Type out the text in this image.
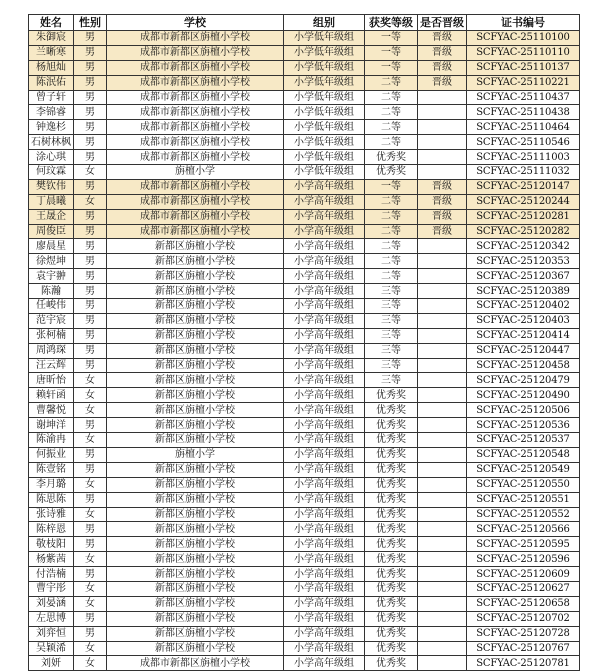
姓名	性别	学校	组别	获奖等级	是否晋级	证书编号
朱御宸	男	成都市新都区旃檀小学校	小学低年级组	一等	晋级	SCFYAC-25110100
兰晰寒	男	成都市新都区旃檀小学校	小学低年级组	一等	晋级	SCFYAC-25110110
杨旭灿	男	成都市新都区旃檀小学校	小学低年级组	一等	晋级	SCFYAC-25110137
陈泯佑	男	成都市新都区旃檀小学校	小学低年级组	二等	晋级	SCFYAC-25110221
曾子轩	男	成都市新都区旃檀小学校	小学低年级组	二等		SCFYAC-25110437
李锦睿	男	成都市新都区旃檀小学校	小学低年级组	二等		SCFYAC-25110438
钟逸杉	男	成都市新都区旃檀小学校	小学低年级组	二等		SCFYAC-25110464
石树林枫	男	成都市新都区旃檀小学校	小学低年级组	二等		SCFYAC-25110546
涂心琪	男	成都市新都区旃檀小学校	小学低年级组	优秀奖		SCFYAC-25111003
何玟霖	女	旃檀小学	小学低年级组	优秀奖		SCFYAC-25111032
樊钦伟	男	成都市新都区旃檀小学校	小学高年级组	一等	晋级	SCFYAC-25120147
丁晨曦	女	成都市新都区旃檀小学校	小学高年级组	二等	晋级	SCFYAC-25120244
王晟企	男	成都市新都区旃檀小学校	小学高年级组	二等	晋级	SCFYAC-25120281
周俊臣	男	成都市新都区旃檀小学校	小学高年级组	二等	晋级	SCFYAC-25120282
廖晨星	男	新都区旃檀小学校	小学高年级组	二等		SCFYAC-25120342
徐煜坤	男	新都区旃檀小学校	小学高年级组	二等		SCFYAC-25120353
袁宇翀	男	新都区旃檀小学校	小学高年级组	二等		SCFYAC-25120367
陈瀚	男	新都区旃檀小学校	小学高年级组	三等		SCFYAC-25120389
任峻伟	男	新都区旃檀小学校	小学高年级组	三等		SCFYAC-25120402
范宇宸	男	新都区旃檀小学校	小学高年级组	三等		SCFYAC-25120403
张柯楠	男	新都区旃檀小学校	小学高年级组	三等		SCFYAC-25120414
周鸿琛	男	新都区旃檀小学校	小学高年级组	三等		SCFYAC-25120447
汪云辉	男	新都区旃檀小学校	小学高年级组	三等		SCFYAC-25120458
唐昕怡	女	新都区旃檀小学校	小学高年级组	三等		SCFYAC-25120479
赖轩函	女	新都区旃檀小学校	小学高年级组	优秀奖		SCFYAC-25120490
曹馨悦	女	新都区旃檀小学校	小学高年级组	优秀奖		SCFYAC-25120506
谢坤洋	男	新都区旃檀小学校	小学高年级组	优秀奖		SCFYAC-25120536
陈渝冉	女	新都区旃檀小学校	小学高年级组	优秀奖		SCFYAC-25120537
何振业	男	旃檀小学	小学高年级组	优秀奖		SCFYAC-25120548
陈壹铭	男	新都区旃檀小学校	小学高年级组	优秀奖		SCFYAC-25120549
李月璐	女	新都区旃檀小学校	小学高年级组	优秀奖		SCFYAC-25120550
陈思陈	男	新都区旃檀小学校	小学高年级组	优秀奖		SCFYAC-25120551
张诗雅	女	新都区旃檀小学校	小学高年级组	优秀奖		SCFYAC-25120552
陈梓恩	男	新都区旃檀小学校	小学高年级组	优秀奖		SCFYAC-25120566
敬枝阳	男	新都区旃檀小学校	小学高年级组	优秀奖		SCFYAC-25120595
杨紫茜	女	新都区旃檀小学校	小学高年级组	优秀奖		SCFYAC-25120596
付浩楠	男	新都区旃檀小学校	小学高年级组	优秀奖		SCFYAC-25120609
曹宇彤	女	新都区旃檀小学校	小学高年级组	优秀奖		SCFYAC-25120627
刘晏涵	女	新都区旃檀小学校	小学高年级组	优秀奖		SCFYAC-25120658
左思博	男	新都区旃檀小学校	小学高年级组	优秀奖		SCFYAC-25120702
刘弈恒	男	新都区旃檀小学校	小学高年级组	优秀奖		SCFYAC-25120728
吴颖浠	女	新都区旃檀小学校	小学高年级组	优秀奖		SCFYAC-25120767
刘妍	女	成都市新都区旃檀小学校	小学高年级组	优秀奖		SCFYAC-25120781
